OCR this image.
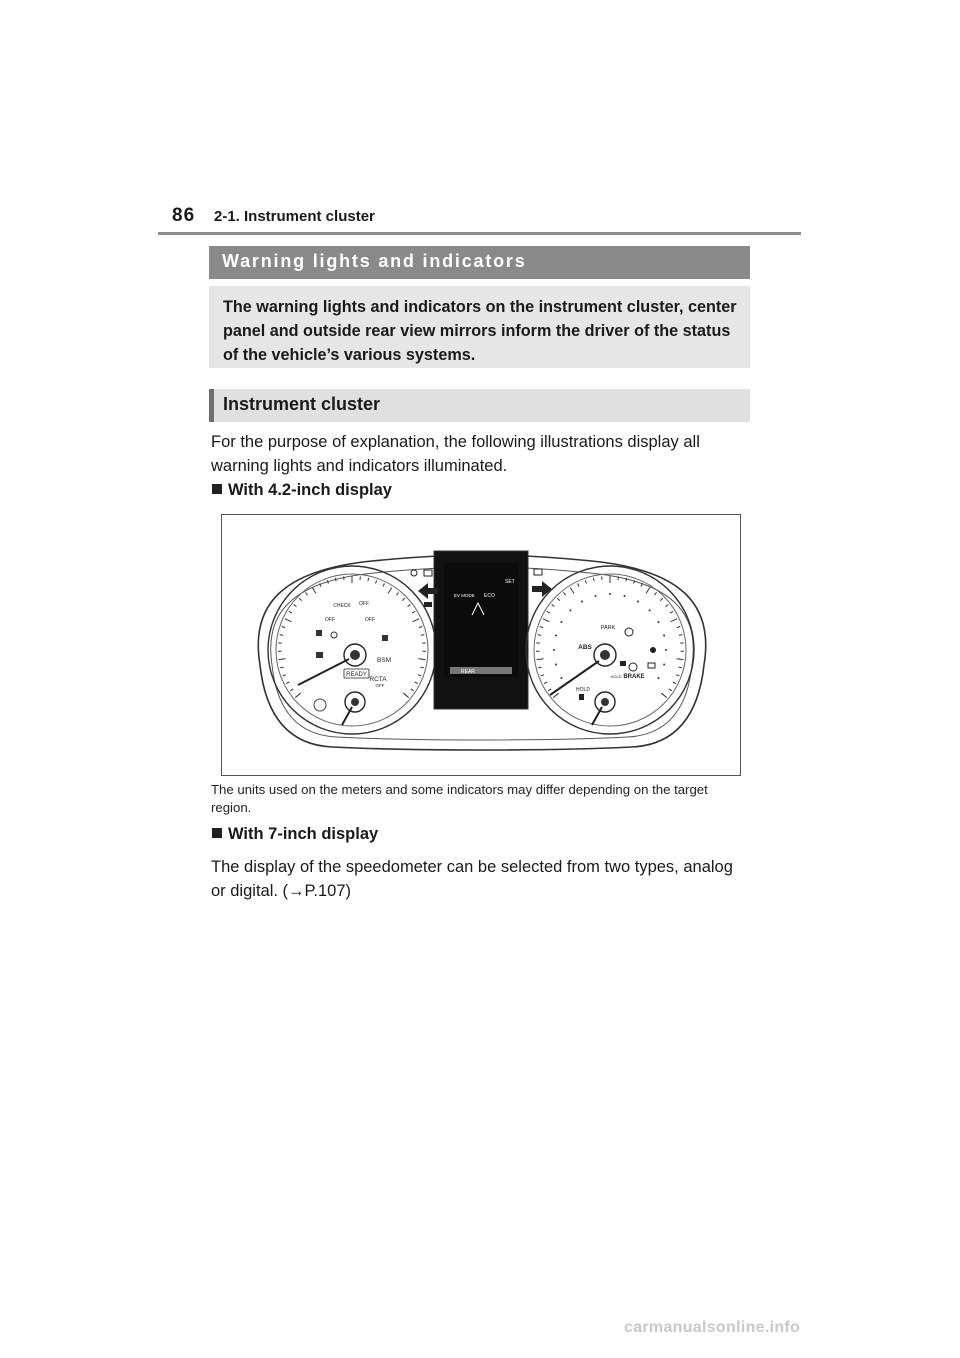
86 2-1. Instrument cluster
Warning lights and indicators
The warning lights and indicators on the instrument cluster, center panel and outside rear view mirrors inform the driver of the status of the vehicle’s various systems.
Instrument cluster
For the purpose of explanation, the following illustrations display all warning lights and indicators illuminated.
With 4.2-inch display
CHECK OFF
OFF	OFF
BSM
RCTA
OFF
READY	REAR
EV MODE ECO
SET
ABS
BRAKE
PARK
HOLD
HOLD
The units used on the meters and some indicators may differ depending on the target region.
With 7-inch display
The display of the speedometer can be selected from two types, analog or digital. (→P.107)
carmanualsonline.info
